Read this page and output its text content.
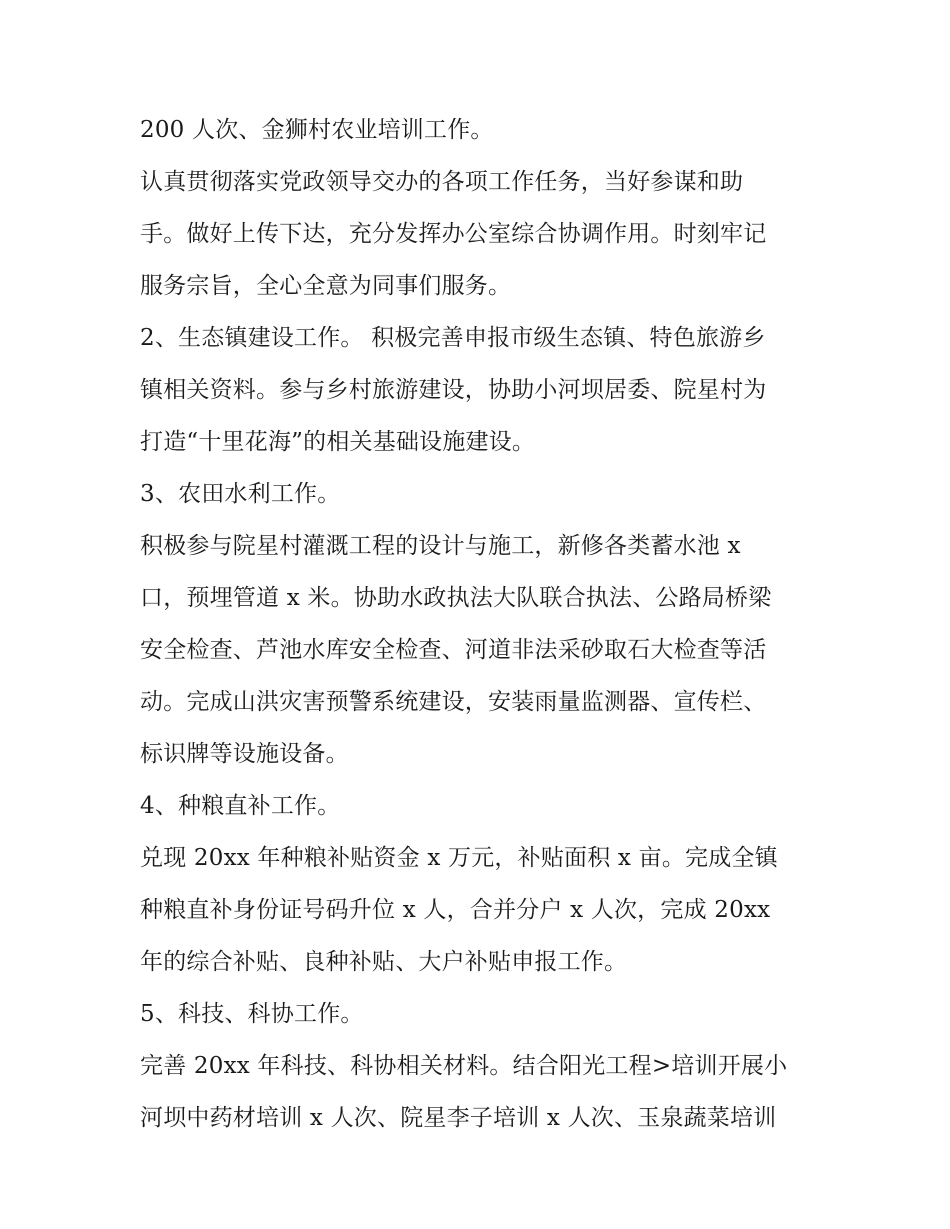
200 人次、金狮村农业培训工作。
认真贯彻落实党政领导交办的各项工作任务，当好参谋和助
手。做好上传下达，充分发挥办公室综合协调作用。时刻牢记
服务宗旨，全心全意为同事们服务。
2、生态镇建设工作。 积极完善申报市级生态镇、特色旅游乡
镇相关资料。参与乡村旅游建设，协助小河坝居委、院星村为
打造“十里花海”的相关基础设施建设。
3、农田水利工作。
积极参与院星村灌溉工程的设计与施工，新修各类蓄水池 x
口，预埋管道 x 米。协助水政执法大队联合执法、公路局桥梁
安全检查、芦池水库安全检查、河道非法采砂取石大检查等活
动。完成山洪灾害预警系统建设，安装雨量监测器、宣传栏、
标识牌等设施设备。
4、种粮直补工作。
兑现 20xx 年种粮补贴资金 x 万元，补贴面积 x 亩。完成全镇
种粮直补身份证号码升位 x 人，合并分户 x 人次，完成 20xx
年的综合补贴、良种补贴、大户补贴申报工作。
5、科技、科协工作。
完善 20xx 年科技、科协相关材料。结合阳光工程>培训开展小
河坝中药材培训 x 人次、院星李子培训 x 人次、玉泉蔬菜培训
